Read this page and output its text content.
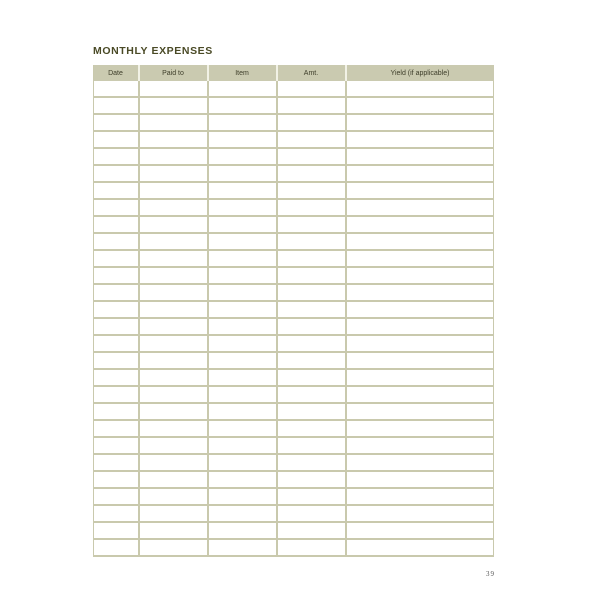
MONTHLY EXPENSES
Date	Paid to	Item	Amt.	Yield (if applicable)

39
